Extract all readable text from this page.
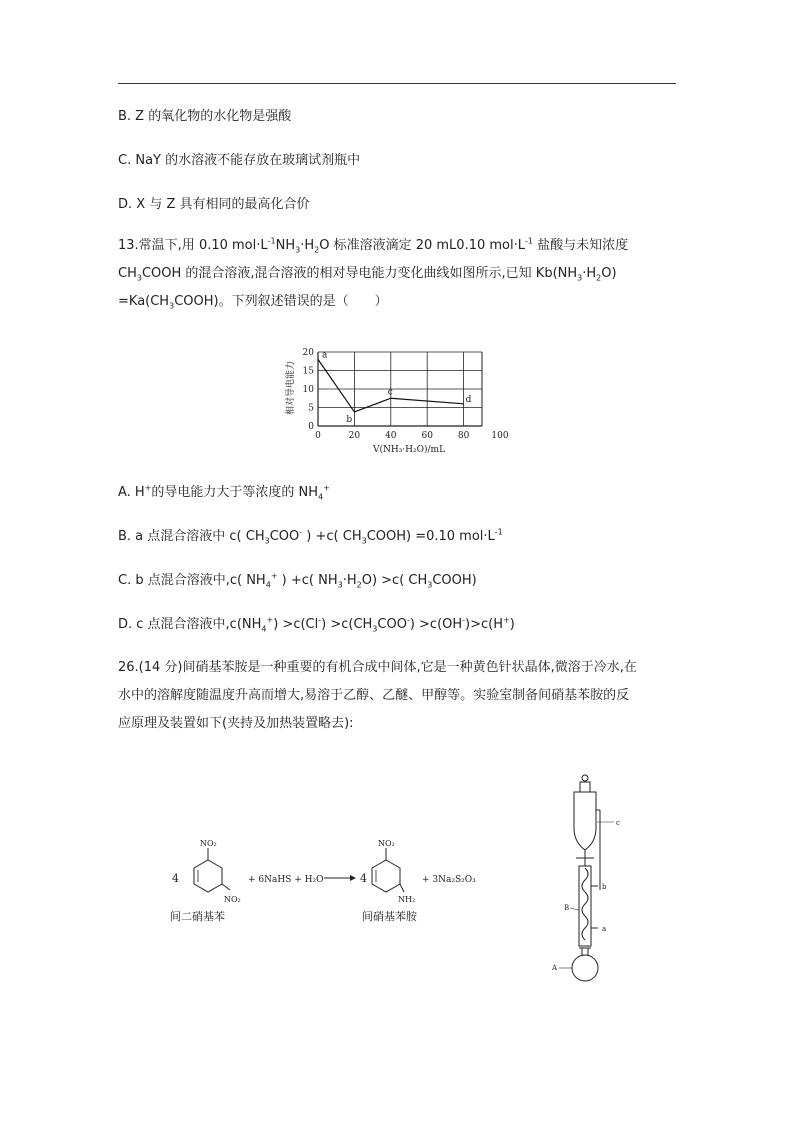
B. Z 的氧化物的水化物是强酸
C. NaY 的水溶液不能存放在玻璃试剂瓶中
D. X 与 Z 具有相同的最高化合价
13.常温下,用 0.10 $mol\cdot L^{-1}NH_3\cdot H_2O$ 标准溶液滴定 20 mL0.10 $mol\cdot L^{-1}$ 盐酸与未知浓度
$CH_3COOH$ 的混合溶液,混合溶液的相对导电能力变化曲线如图所示,已知 $Kb(NH_3\cdot H_2O)$
$=Ka(CH_3COOH)$。下列叙述错误的是（　　）
0	20	40	60	80 100
0
5
10
15
20 a
b
c
d
相对导电能力
V(NH₃·H₂O)/mL
A. H+的导电能力大于等浓度的 $NH_4^+$
B. a 点混合溶液中 c( $CH_3COO^-$ ) +c( $CH_3COOH) =0.10$ $mol\cdot L^{-1}$
C. b 点混合溶液中,c( $NH_4^+$ ) +c( $NH_3\cdot H_2O) >c$( $CH_3COOH$)
D. c 点混合溶液中$,c(NH_4^+) >c(Cl^-) >c(CH_3COO^-) >c(OH^-)>c(H^+)$
26.(14 分)间硝基苯胺是一种重要的有机合成中间体,它是一种黄色针状晶体,微溶于冷水,在
水中的溶解度随温度升高而增大,易溶于乙醇、乙醚、甲醇等。实验室制备间硝基苯胺的反
应原理及装置如下(夹持及加热装置略去):
4
NO₂
NO₂
+ 6NaHS + H₂O	4
NO₂
NH₂
+ 3Na₂S₂O₃
间二硝基苯	间硝基苯胺
c
b
B
a
A
